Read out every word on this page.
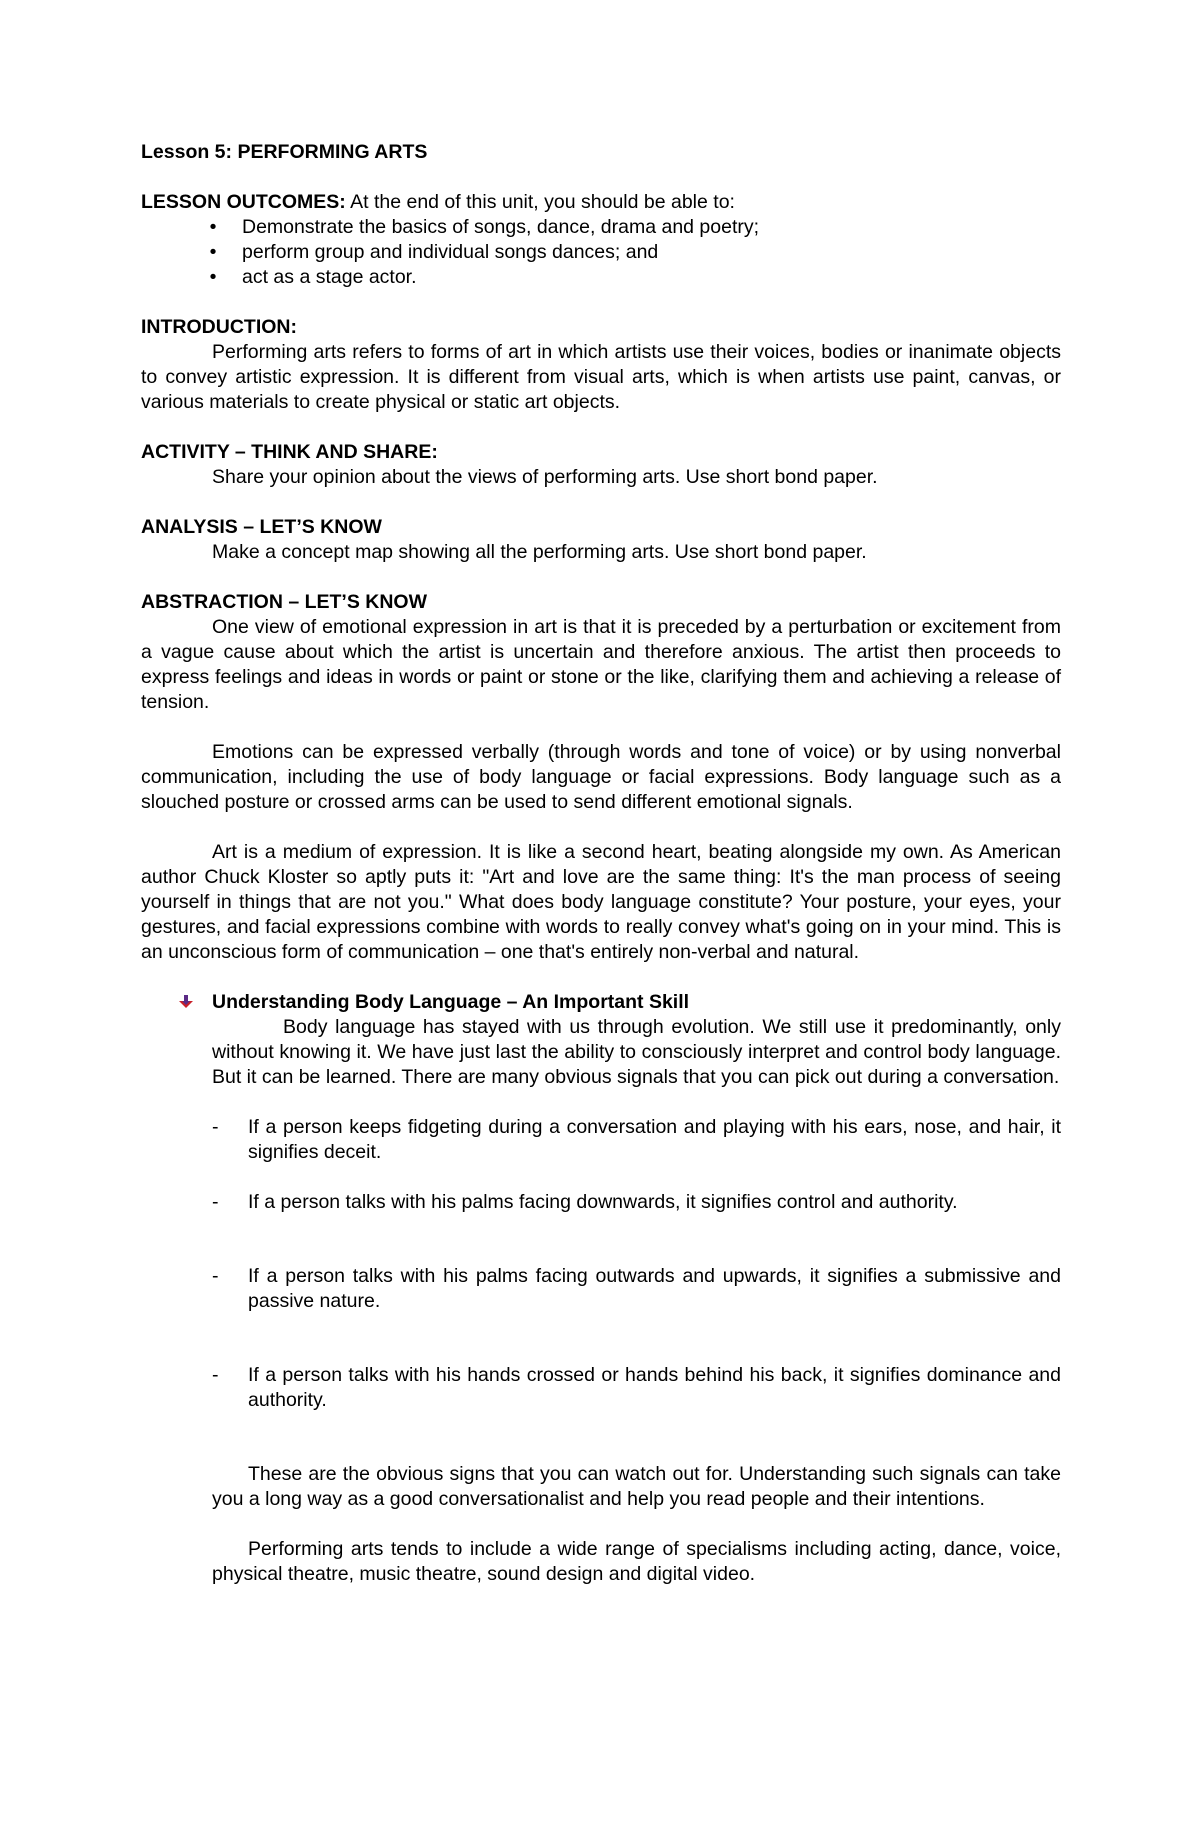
Lesson 5: PERFORMING ARTS
LESSON OUTCOMES: At the end of this unit, you should be able to:
• Demonstrate the basics of songs, dance, drama and poetry;
• perform group and individual songs dances; and
• act as a stage actor.
INTRODUCTION:
Performing arts refers to forms of art in which artists use their voices, bodies or inanimate objects to convey artistic expression. It is different from visual arts, which is when artists use paint, canvas, or various materials to create physical or static art objects.
ACTIVITY – THINK AND SHARE:
Share your opinion about the views of performing arts. Use short bond paper.
ANALYSIS – LET’S KNOW
Make a concept map showing all the performing arts. Use short bond paper.
ABSTRACTION – LET’S KNOW
One view of emotional expression in art is that it is preceded by a perturbation or excitement from a vague cause about which the artist is uncertain and therefore anxious. The artist then proceeds to express feelings and ideas in words or paint or stone or the like, clarifying them and achieving a release of tension.
Emotions can be expressed verbally (through words and tone of voice) or by using nonverbal communication, including the use of body language or facial expressions. Body language such as a slouched posture or crossed arms can be used to send different emotional signals.
Art is a medium of expression. It is like a second heart, beating alongside my own. As American author Chuck Kloster so aptly puts it: "Art and love are the same thing: It's the man process of seeing yourself in things that are not you." What does body language constitute? Your posture, your eyes, your gestures, and facial expressions combine with words to really convey what's going on in your mind. This is an unconscious form of communication – one that's entirely non-verbal and natural.
Understanding Body Language – An Important Skill
Body language has stayed with us through evolution. We still use it predominantly, only without knowing it. We have just last the ability to consciously interpret and control body language. But it can be learned. There are many obvious signals that you can pick out during a conversation.
- If a person keeps fidgeting during a conversation and playing with his ears, nose, and hair, it signifies deceit.
- If a person talks with his palms facing downwards, it signifies control and authority.
- If a person talks with his palms facing outwards and upwards, it signifies a submissive and passive nature.
- If a person talks with his hands crossed or hands behind his back, it signifies dominance and authority.
These are the obvious signs that you can watch out for. Understanding such signals can take you a long way as a good conversationalist and help you read people and their intentions.
Performing arts tends to include a wide range of specialisms including acting, dance, voice, physical theatre, music theatre, sound design and digital video.
